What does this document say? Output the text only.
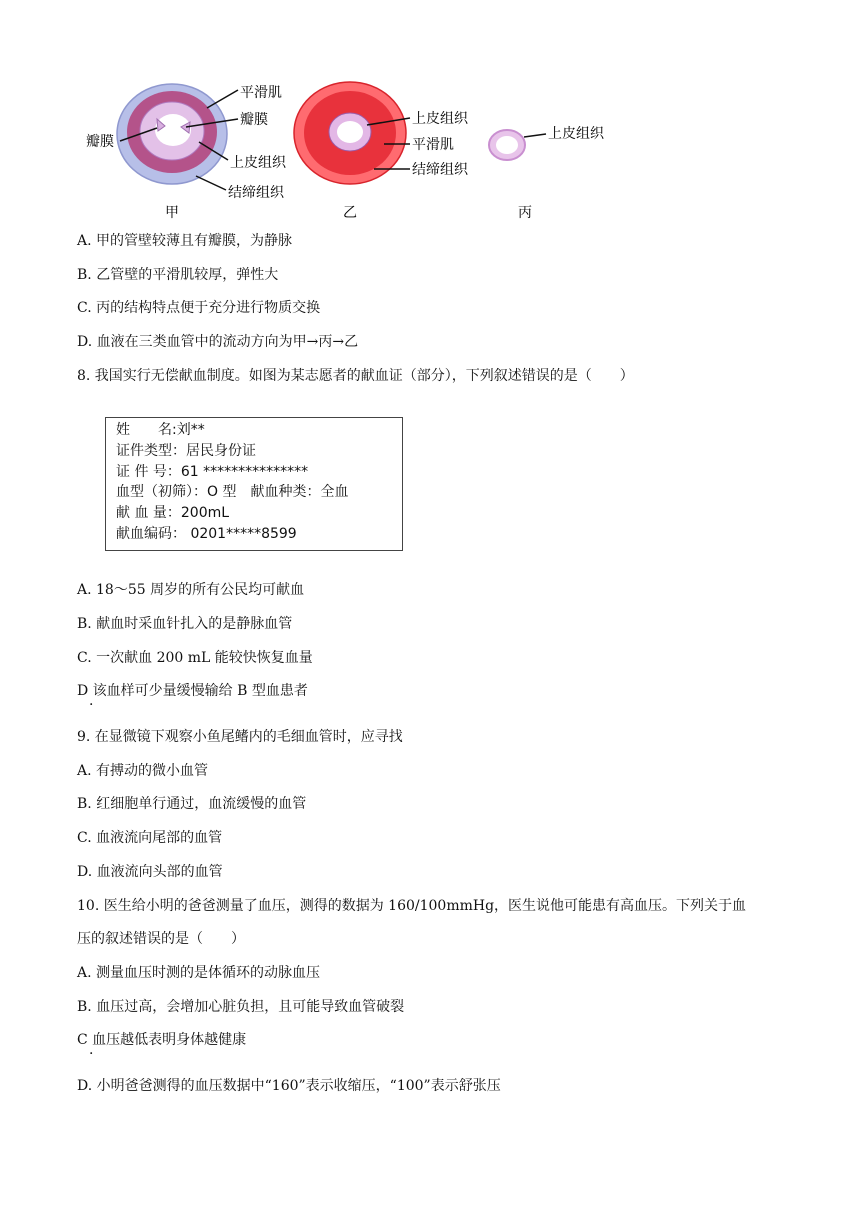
平滑肌
瓣膜
瓣膜
上皮组织
结缔组织
甲
上皮组织
平滑肌
结缔组织
乙
上皮组织
丙
A. 甲的管壁较薄且有瓣膜，为静脉
B. 乙管壁的平滑肌较厚，弹性大
C. 丙的结构特点便于充分进行物质交换
D. 血液在三类血管中的流动方向为甲→丙→乙
8. 我国实行无偿献血制度。如图为某志愿者的献血证（部分），下列叙述错误的是（　　）
姓　　名:刘**
证件类型：居民身份证
证 件 号：61 ***************
血型（初筛）：O 型　献血种类：全血
献 血 量：200mL
献血编码： 0201*****8599
A. 18～55 周岁的所有公民均可献血
B. 献血时采血针扎入的是静脉血管
C. 一次献血 200 mL 能较快恢复血量
D 该血样可少量缓慢输给 B 型血患者
·
9. 在显微镜下观察小鱼尾鳍内的毛细血管时，应寻找
A. 有搏动的微小血管
B. 红细胞单行通过，血流缓慢的血管
C. 血液流向尾部的血管
D. 血液流向头部的血管
10. 医生给小明的爸爸测量了血压，测得的数据为 160/100mmHg，医生说他可能患有高血压。下列关于血
压的叙述错误的是（　　）
A. 测量血压时测的是体循环的动脉血压
B. 血压过高，会增加心脏负担，且可能导致血管破裂
C 血压越低表明身体越健康
·
D. 小明爸爸测得的血压数据中“160”表示收缩压，“100”表示舒张压
